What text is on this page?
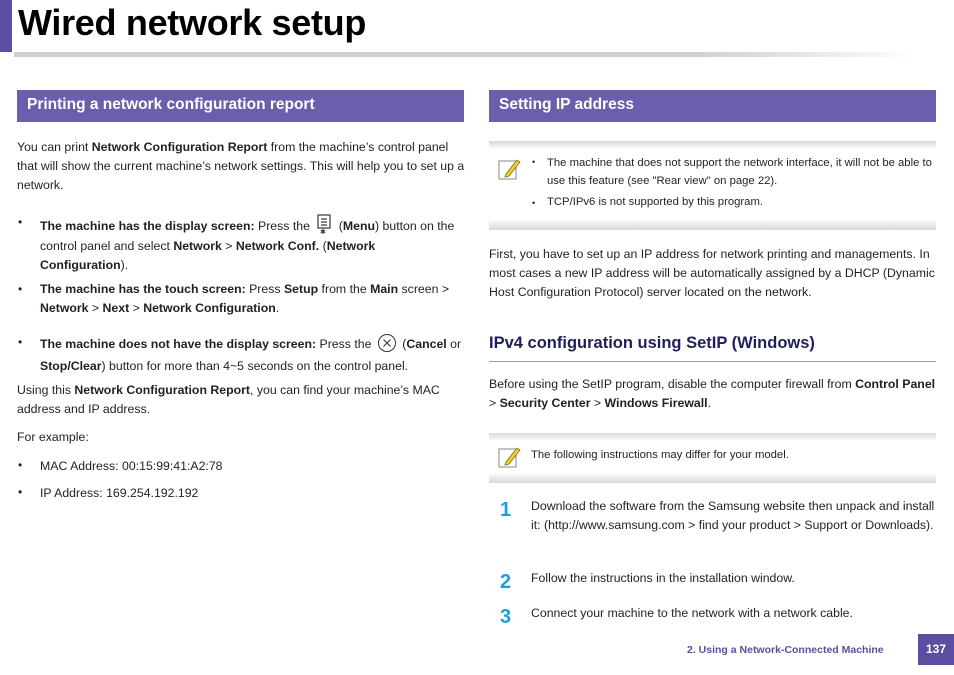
Wired network setup
Printing a network configuration report
You can print Network Configuration Report from the machine’s control panel that will show the current machine’s network settings. This will help you to set up a network.
• The machine has the display screen: Press the ✱ (Menu) button on the control panel and select Network > Network Conf. (Network Configuration).
• The machine has the touch screen: Press Setup from the Main screen > Network > Next > Network Configuration.
• The machine does not have the display screen: Press the  (Cancel or Stop/Clear) button for more than 4~5 seconds on the control panel.
Using this Network Configuration Report, you can find your machine’s MAC address and IP address.
For example:
• MAC Address: 00:15:99:41:A2:78
• IP Address: 169.254.192.192
Setting IP address
• The machine that does not support the network interface, it will not be able to use this feature (see "Rear view" on page 22).
• TCP/IPv6 is not supported by this program.
First, you have to set up an IP address for network printing and managements. In most cases a new IP address will be automatically assigned by a DHCP (Dynamic Host Configuration Protocol) server located on the network.
IPv4 configuration using SetIP (Windows)
Before using the SetIP program, disable the computer firewall from Control Panel > Security Center > Windows Firewall.
The following instructions may differ for your model.
1 Download the software from the Samsung website then unpack and install it: (http://www.samsung.com > find your product > Support or Downloads).
2 Follow the instructions in the installation window.
3 Connect your machine to the network with a network cable.
2. Using a Network-Connected Machine	137
